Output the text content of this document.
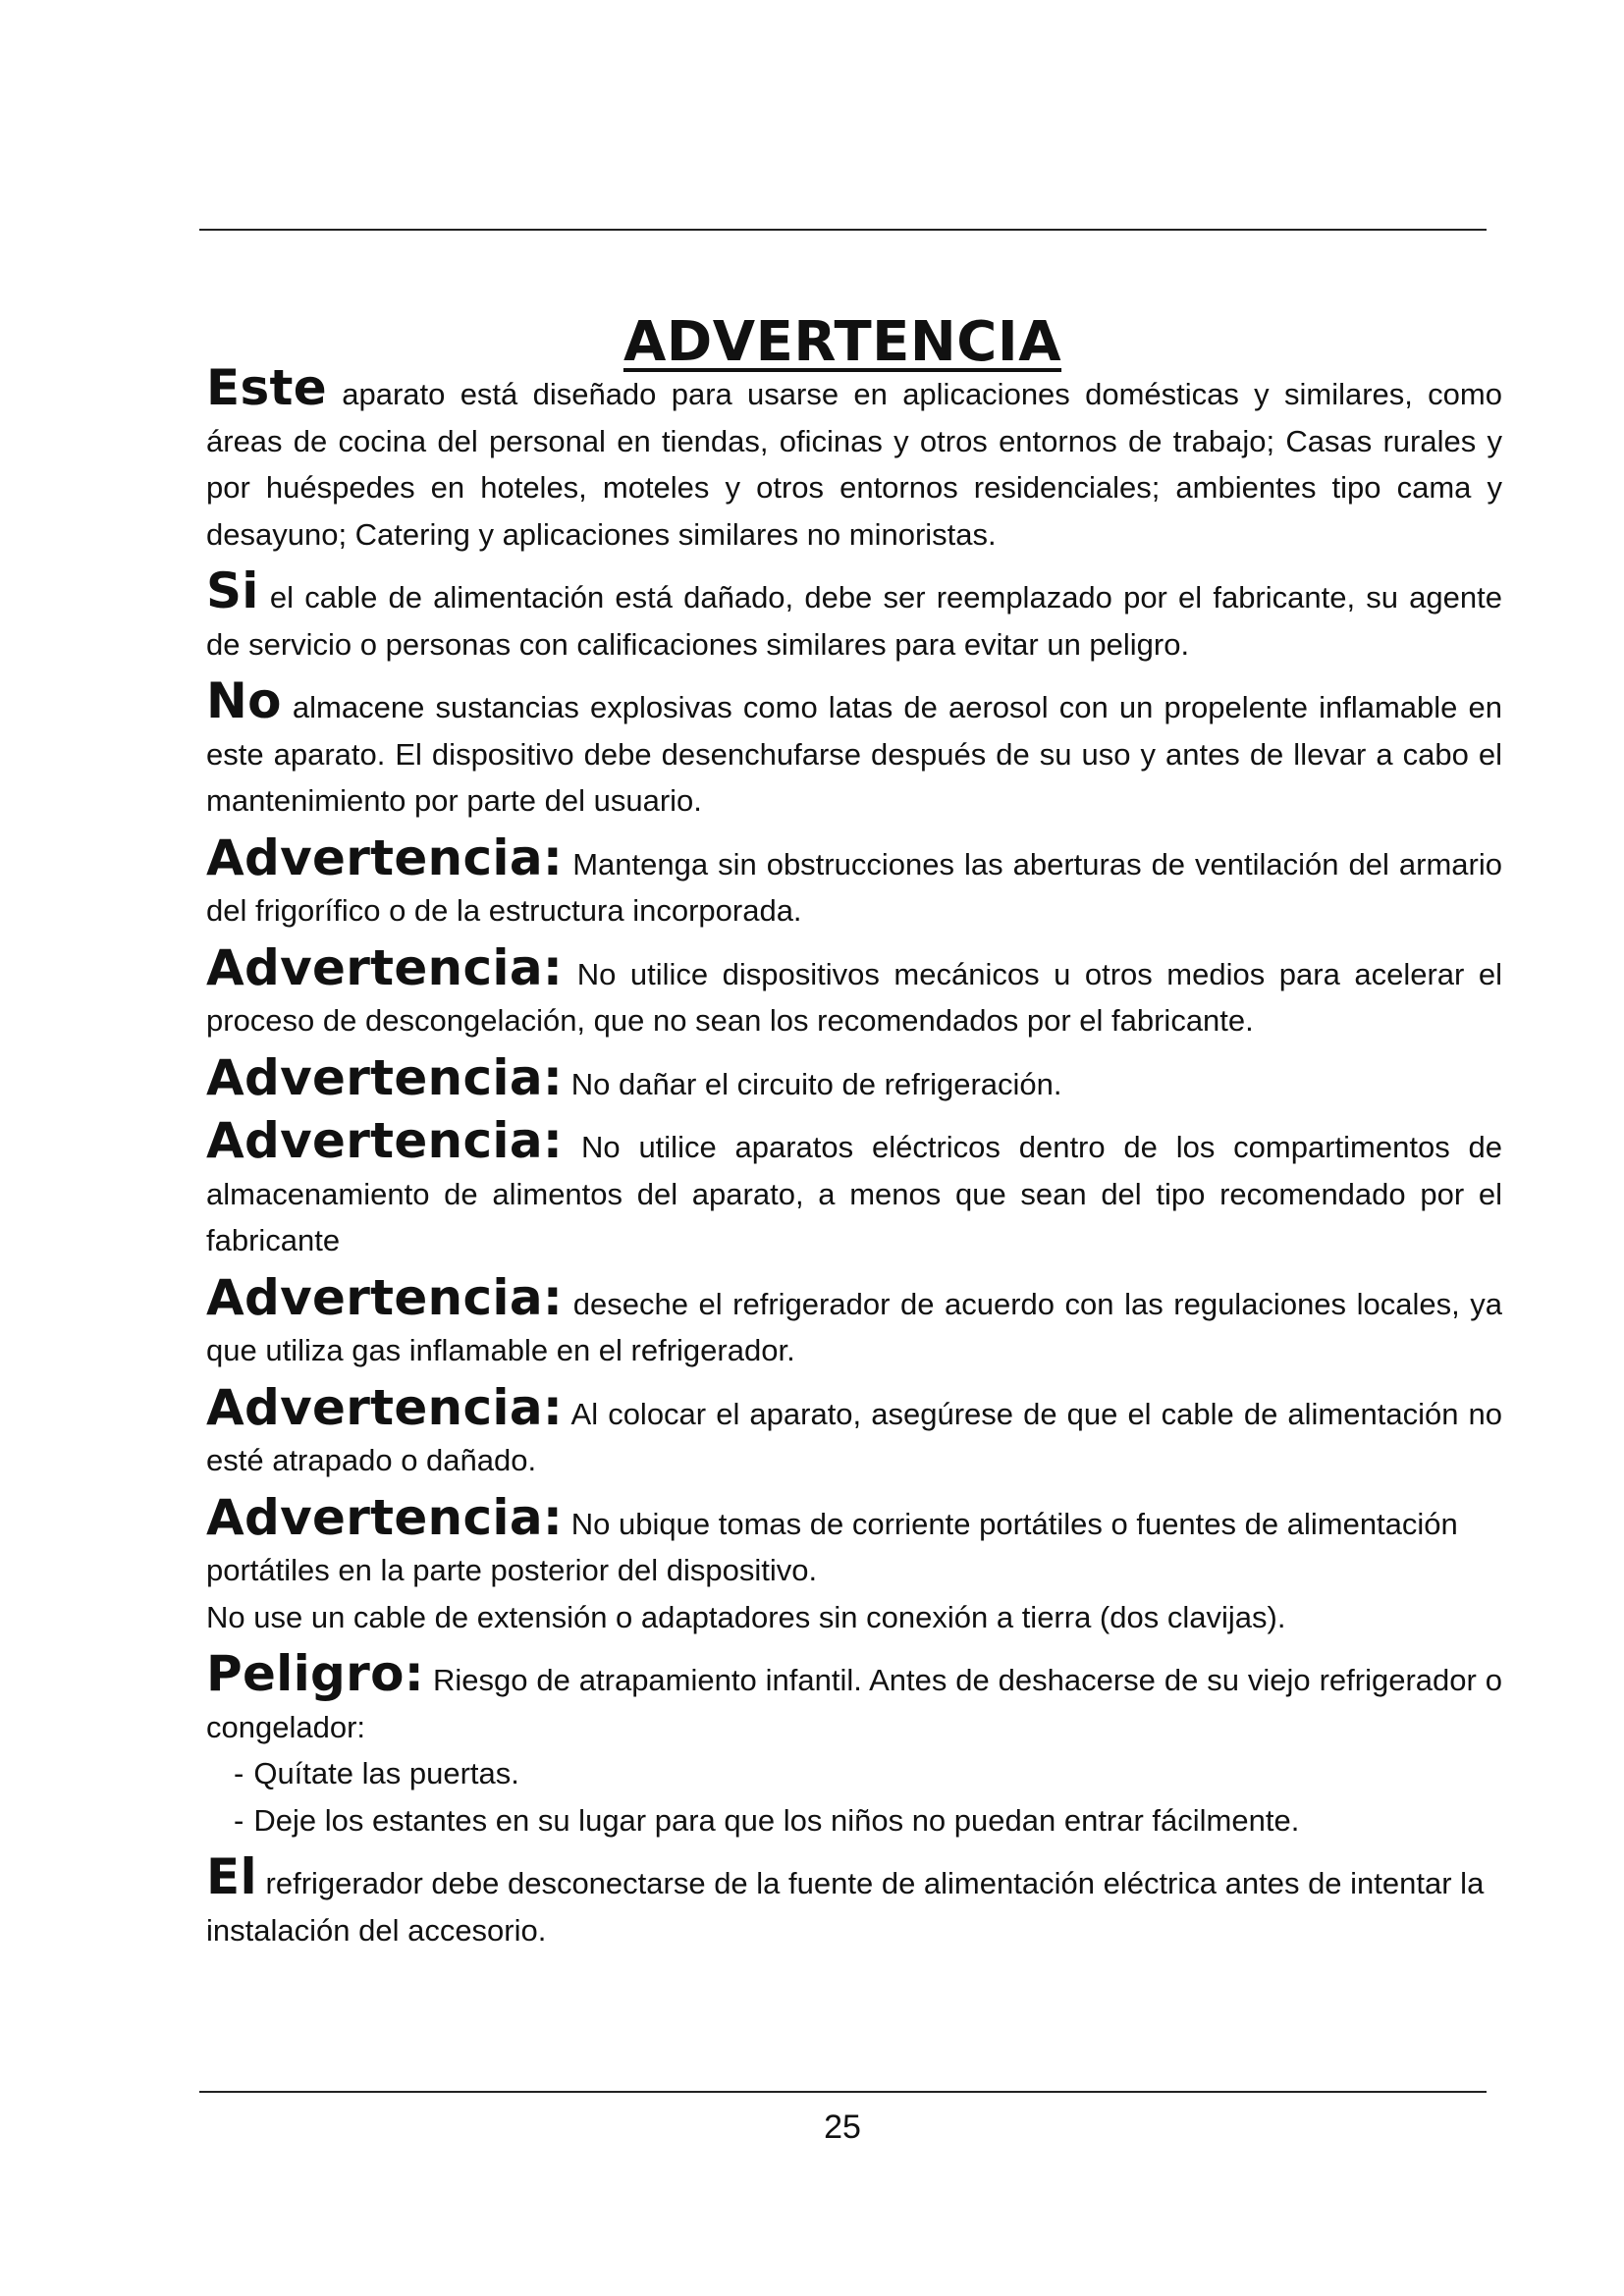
ADVERTENCIA

Este aparato está diseñado para usarse en aplicaciones domésticas y similares, como áreas de cocina del personal en tiendas, oficinas y otros entornos de trabajo; Casas rurales y por huéspedes en hoteles, moteles y otros entornos residenciales; ambientes tipo cama y desayuno; Catering y aplicaciones similares no minoristas.

Si el cable de alimentación está dañado, debe ser reemplazado por el fabricante, su agente de servicio o personas con calificaciones similares para evitar un peligro.

No almacene sustancias explosivas como latas de aerosol con un propelente inflamable en este aparato. El dispositivo debe desenchufarse después de su uso y antes de llevar a cabo el mantenimiento por parte del usuario.

Advertencia: Mantenga sin obstrucciones las aberturas de ventilación del armario del frigorífico o de la estructura incorporada.

Advertencia: No utilice dispositivos mecánicos u otros medios para acelerar el proceso de descongelación, que no sean los recomendados por el fabricante.

Advertencia: No dañar el circuito de refrigeración.

Advertencia: No utilice aparatos eléctricos dentro de los compartimentos de almacenamiento de alimentos del aparato, a menos que sean del tipo recomendado por el fabricante

Advertencia: deseche el refrigerador de acuerdo con las regulaciones locales, ya que utiliza gas inflamable en el refrigerador.

Advertencia: Al colocar el aparato, asegúrese de que el cable de alimentación no esté atrapado o dañado.

Advertencia: No ubique tomas de corriente portátiles o fuentes de alimentación portátiles en la parte posterior del dispositivo.
No use un cable de extensión o adaptadores sin conexión a tierra (dos clavijas).

Peligro: Riesgo de atrapamiento infantil. Antes de deshacerse de su viejo refrigerador o congelador:
- Quítate las puertas.
- Deje los estantes en su lugar para que los niños no puedan entrar fácilmente.

El refrigerador debe desconectarse de la fuente de alimentación eléctrica antes de intentar la instalación del accesorio.

25
